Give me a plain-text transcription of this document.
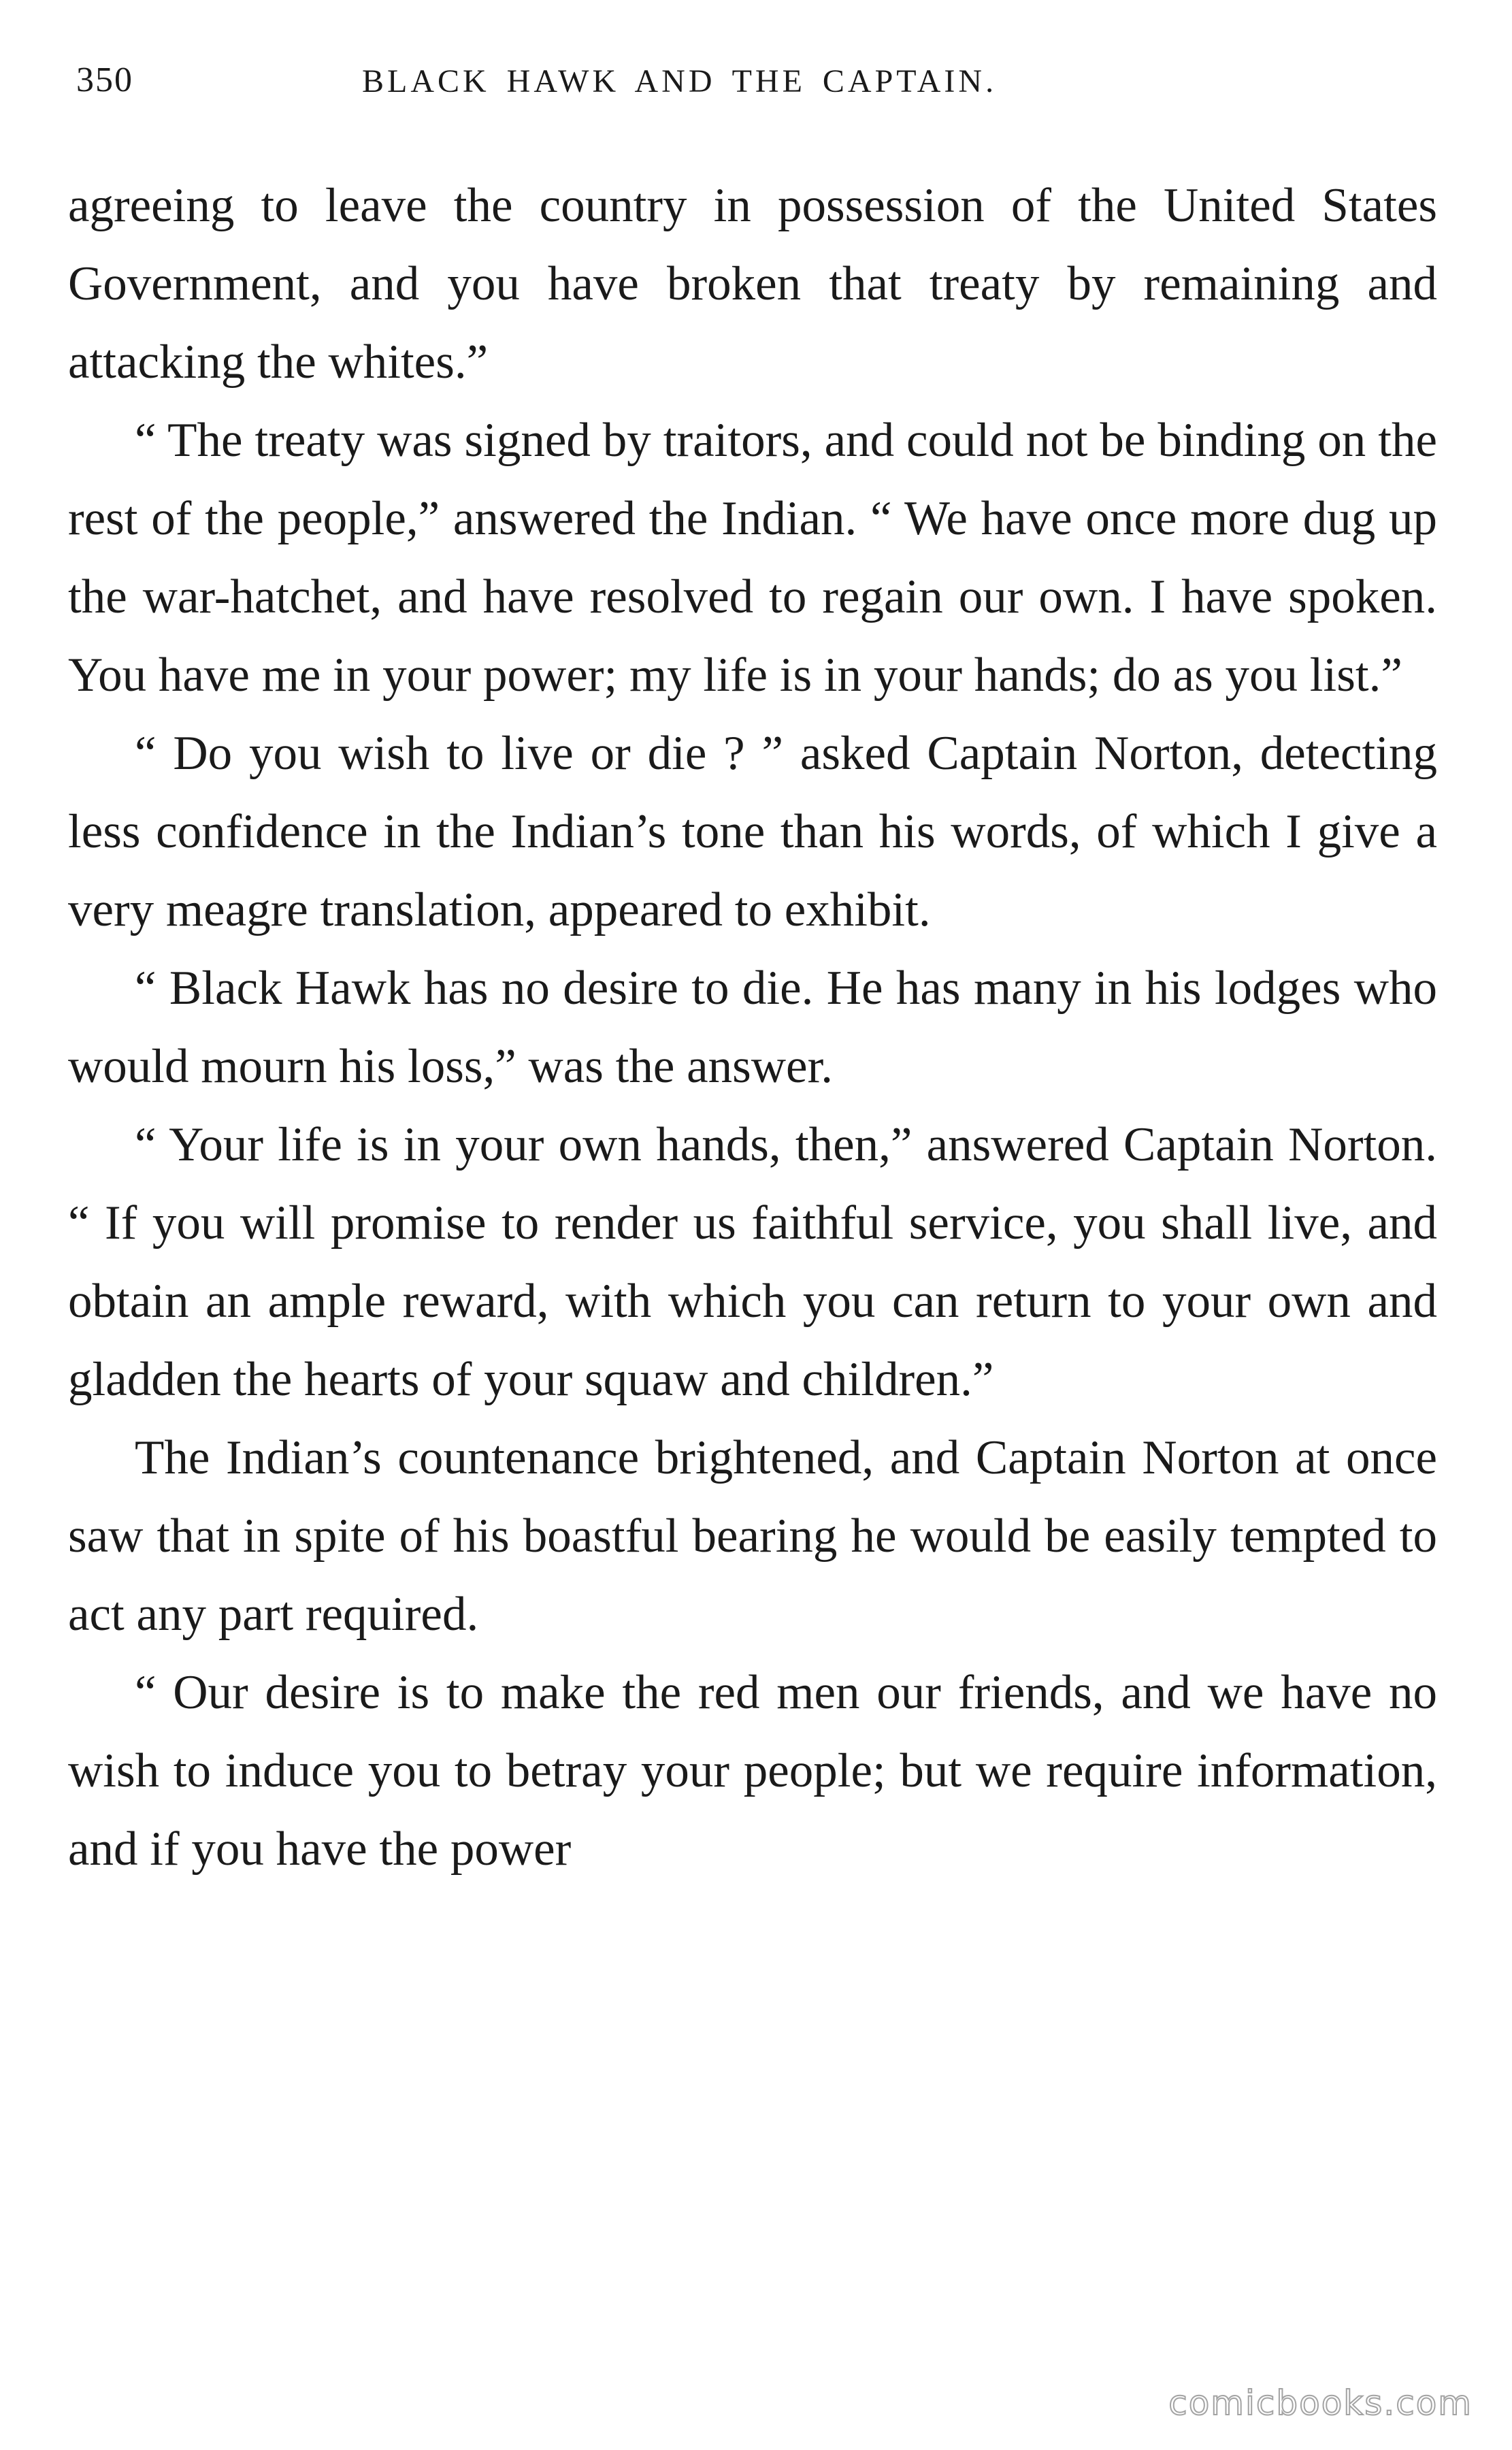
350	BLACK HAWK AND THE CAPTAIN.

agreeing to leave the country in possession of the United States Government, and you have broken that treaty by remaining and attacking the whites.”

“ The treaty was signed by traitors, and could not be binding on the rest of the people,” answered the Indian. “ We have once more dug up the war-hatchet, and have resolved to regain our own. I have spoken. You have me in your power; my life is in your hands; do as you list.”

“ Do you wish to live or die ? ” asked Captain Norton, detecting less confidence in the Indian’s tone than his words, of which I give a very meagre translation, appeared to exhibit.

“ Black Hawk has no desire to die. He has many in his lodges who would mourn his loss,” was the answer.

“ Your life is in your own hands, then,” answered Captain Norton. “ If you will promise to render us faithful service, you shall live, and obtain an ample reward, with which you can return to your own and gladden the hearts of your squaw and children.”

The Indian’s countenance brightened, and Captain Norton at once saw that in spite of his boastful bearing he would be easily tempted to act any part required.

“ Our desire is to make the red men our friends, and we have no wish to induce you to betray your people; but we require information, and if you have the power

comicbooks.com
